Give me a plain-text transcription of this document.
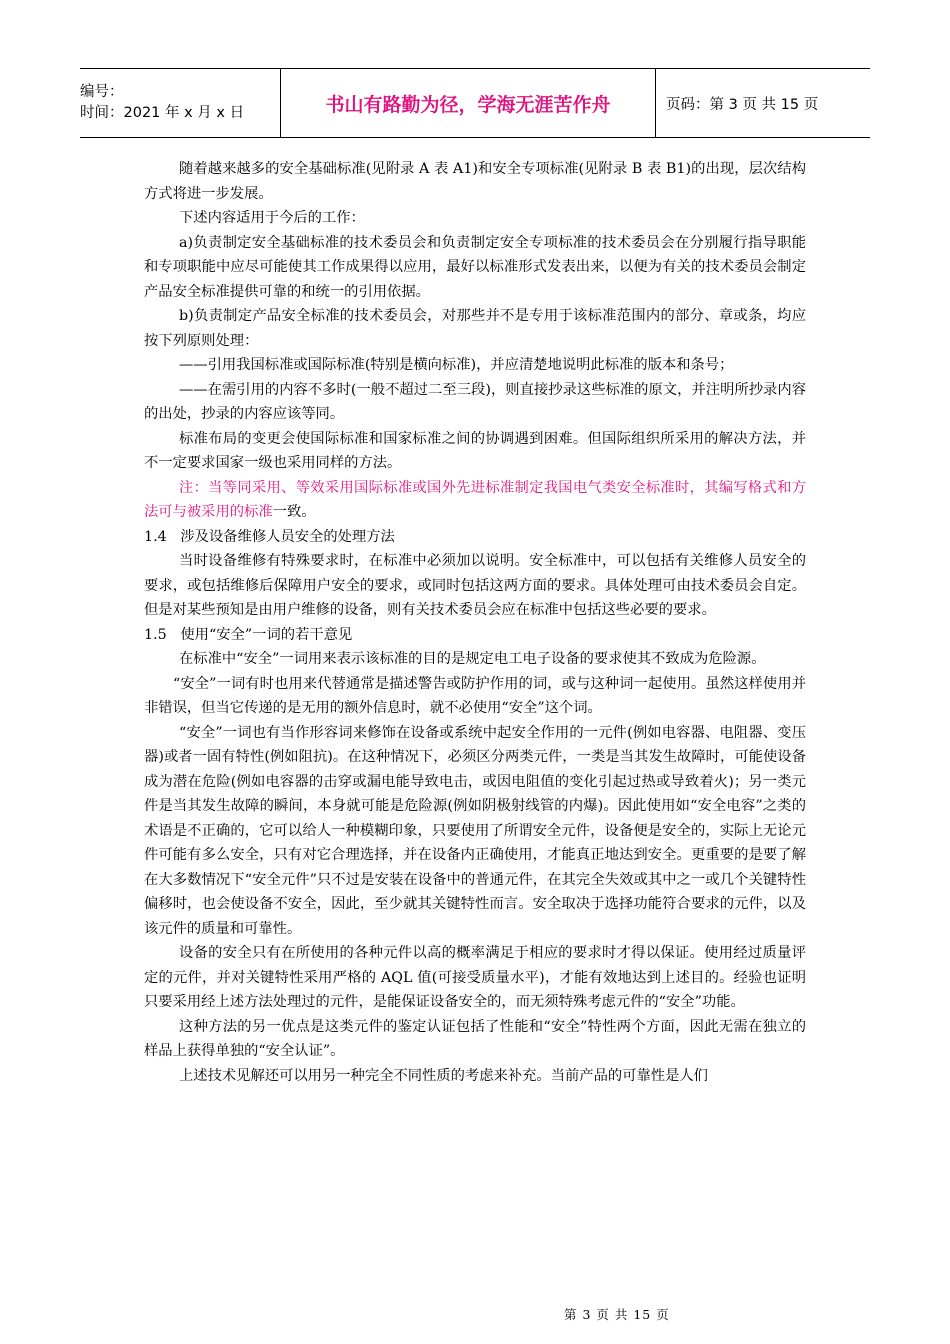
编号：
时间：2021 年 x 月 x 日	书山有路勤为径，学海无涯苦作舟	页码：第 3 页 共 15 页

随着越来越多的安全基础标准(见附录 A 表 A1)和安全专项标准(见附录 B 表 B1)的出现，层次结构方式将进一步发展。

下述内容适用于今后的工作：

a)负责制定安全基础标准的技术委员会和负责制定安全专项标准的技术委员会在分别履行指导职能和专项职能中应尽可能使其工作成果得以应用，最好以标准形式发表出来，以便为有关的技术委员会制定产品安全标准提供可靠的和统一的引用依据。

b)负责制定产品安全标准的技术委员会，对那些并不是专用于该标准范围内的部分、章或条，均应按下列原则处理：

——引用我国标准或国际标准(特别是横向标准)，并应清楚地说明此标准的版本和条号；

——在需引用的内容不多时(一般不超过二至三段)，则直接抄录这些标准的原文，并注明所抄录内容的出处，抄录的内容应该等同。

标准布局的变更会使国际标准和国家标准之间的协调遇到困难。但国际组织所采用的解决方法，并不一定要求国家一级也采用同样的方法。

注：当等同采用、等效采用国际标准或国外先进标准制定我国电气类安全标准时，其编写格式和方法可与被采用的标准一致。

1.4   涉及设备维修人员安全的处理方法

当时设备维修有特殊要求时，在标准中必须加以说明。安全标准中，可以包括有关维修人员安全的要求，或包括维修后保障用户安全的要求，或同时包括这两方面的要求。具体处理可由技术委员会自定。但是对某些预知是由用户维修的设备，则有关技术委员会应在标准中包括这些必要的要求。

1.5   使用“安全”一词的若干意见

在标准中“安全”一词用来表示该标准的目的是规定电工电子设备的要求使其不致成为危险源。

“安全”一词有时也用来代替通常是描述警告或防护作用的词，或与这种词一起使用。虽然这样使用并非错误，但当它传递的是无用的额外信息时，就不必使用“安全”这个词。

“安全”一词也有当作形容词来修饰在设备或系统中起安全作用的一元件(例如电容器、电阻器、变压器)或者一固有特性(例如阻抗)。在这种情况下，必须区分两类元件，一类是当其发生故障时，可能使设备成为潜在危险(例如电容器的击穿或漏电能导致电击，或因电阻值的变化引起过热或导致着火)；另一类元件是当其发生故障的瞬间，本身就可能是危险源(例如阴极射线管的内爆)。因此使用如“安全电容”之类的术语是不正确的，它可以给人一种模糊印象，只要使用了所谓安全元件，设备便是安全的，实际上无论元件可能有多么安全，只有对它合理选择，并在设备内正确使用，才能真正地达到安全。更重要的是要了解在大多数情况下“安全元件”只不过是安装在设备中的普通元件，在其完全失效或其中之一或几个关键特性偏移时，也会使设备不安全，因此，至少就其关键特性而言。安全取决于选择功能符合要求的元件，以及该元件的质量和可靠性。

设备的安全只有在所使用的各种元件以高的概率满足于相应的要求时才得以保证。使用经过质量评定的元件，并对关键特性采用严格的 AQL 值(可接受质量水平)，才能有效地达到上述目的。经验也证明只要采用经上述方法处理过的元件，是能保证设备安全的，而无须特殊考虑元件的“安全”功能。

这种方法的另一优点是这类元件的鉴定认证包括了性能和“安全”特性两个方面，因此无需在独立的样品上获得单独的“安全认证”。

上述技术见解还可以用另一种完全不同性质的考虑来补充。当前产品的可靠性是人们

第 3 页 共 15 页
